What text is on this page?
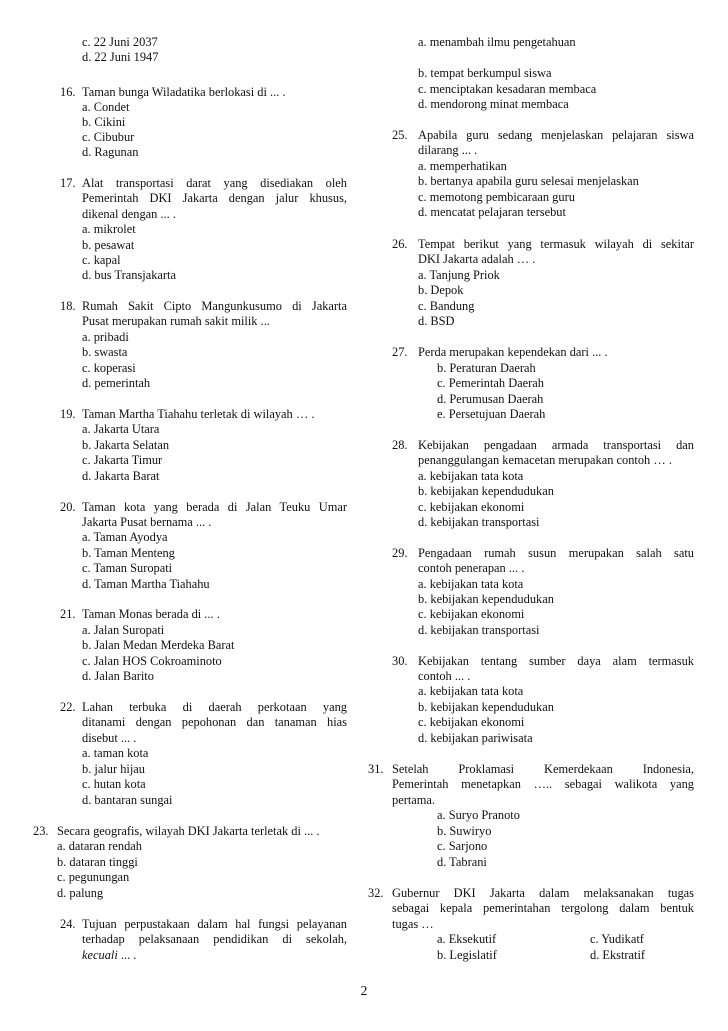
c. 22 Juni 2037
d. 22 Juni 1947
16. Taman bunga Wiladatika berlokasi di ... .
a. Condet
b. Cikini
c. Cibubur
d. Ragunan
17. Alat transportasi darat yang disediakan oleh
Pemerintah DKI Jakarta dengan jalur khusus,
dikenal dengan ... .
a. mikrolet
b. pesawat
c. kapal
d. bus Transjakarta
18. Rumah Sakit Cipto Mangunkusumo di Jakarta
Pusat merupakan rumah sakit milik ...
a. pribadi
b. swasta
c. koperasi
d. pemerintah
19. Taman Martha Tiahahu terletak di wilayah … .
a. Jakarta Utara
b. Jakarta Selatan
c. Jakarta Timur
d. Jakarta Barat
20. Taman kota yang berada di Jalan Teuku Umar
Jakarta Pusat bernama ... .
a. Taman Ayodya
b. Taman Menteng
c. Taman Suropati
d. Taman Martha Tiahahu
21. Taman Monas berada di ... .
a. Jalan Suropati
b. Jalan Medan Merdeka Barat
c. Jalan HOS Cokroaminoto
d. Jalan Barito
22. Lahan terbuka di daerah perkotaan yang
ditanami dengan pepohonan dan tanaman hias
disebut ... .
a. taman kota
b. jalur hijau
c. hutan kota
d. bantaran sungai
23. Secara geografis, wilayah DKI Jakarta terletak di ... .
a. dataran rendah
b. dataran tinggi
c. pegunungan
d. palung
24. Tujuan perpustakaan dalam hal fungsi pelayanan
terhadap pelaksanaan pendidikan di sekolah,
kecuali ... .
a. menambah ilmu pengetahuan
b. tempat berkumpul siswa
c. menciptakan kesadaran membaca
d. mendorong minat membaca
25. Apabila guru sedang menjelaskan pelajaran siswa
dilarang ... .
a. memperhatikan
b. bertanya apabila guru selesai menjelaskan
c. memotong pembicaraan guru
d. mencatat pelajaran tersebut
26. Tempat berikut yang termasuk wilayah di sekitar
DKI Jakarta adalah … .
a. Tanjung Priok
b. Depok
c. Bandung
d. BSD
27. Perda merupakan kependekan dari ... .
b. Peraturan Daerah
c. Pemerintah Daerah
d. Perumusan Daerah
e. Persetujuan Daerah
28. Kebijakan pengadaan armada transportasi dan
penanggulangan kemacetan merupakan contoh … .
a. kebijakan tata kota
b. kebijakan kependudukan
c. kebijakan ekonomi
d. kebijakan transportasi
29. Pengadaan rumah susun merupakan salah satu
contoh penerapan ... .
a. kebijakan tata kota
b. kebijakan kependudukan
c. kebijakan ekonomi
d. kebijakan transportasi
30. Kebijakan tentang sumber daya alam termasuk
contoh ... .
a. kebijakan tata kota
b. kebijakan kependudukan
c. kebijakan ekonomi
d. kebijakan pariwisata
31. Setelah Proklamasi Kemerdekaan Indonesia,
Pemerintah menetapkan ….. sebagai walikota yang
pertama.
a. Suryo Pranoto
b. Suwiryo
c. Sarjono
d. Tabrani
32. Gubernur DKI Jakarta dalam melaksanakan tugas
sebagai kepala pemerintahan tergolong dalam bentuk
tugas …
a. Eksekutif	c. Yudikatf
b. Legislatif	d. Ekstratif
2
